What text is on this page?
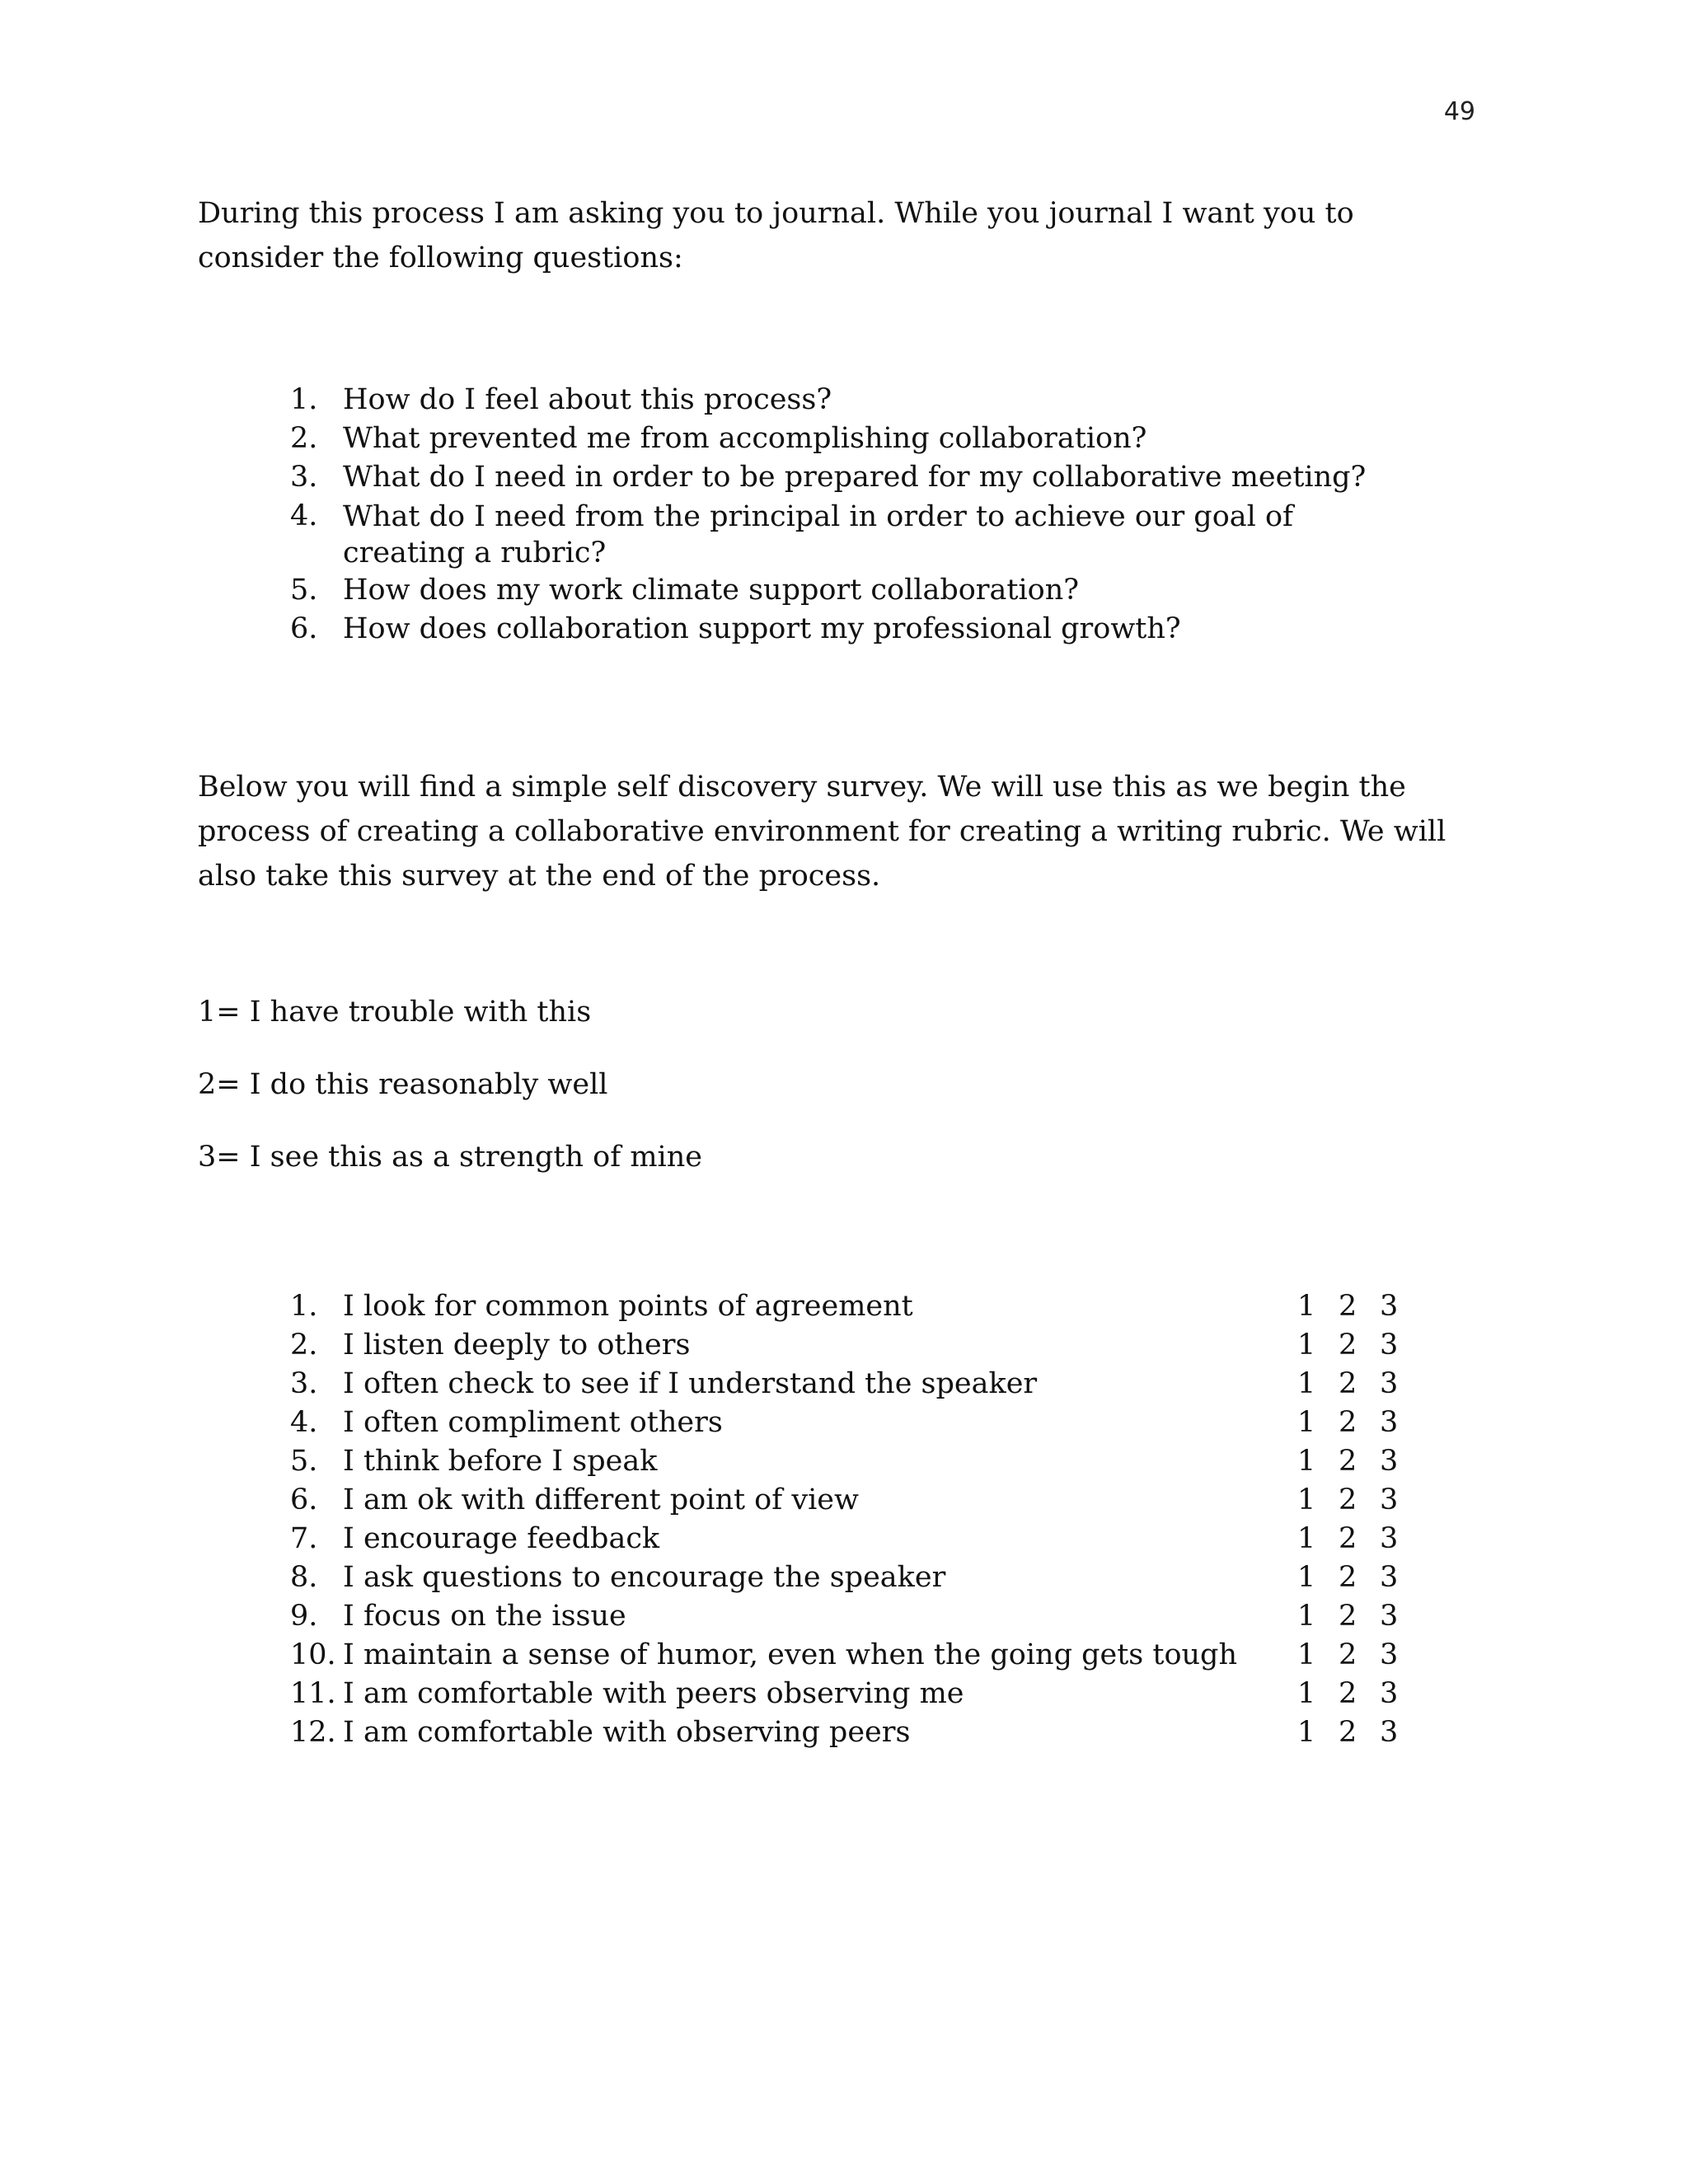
49

During this process I am asking you to journal. While you journal I want you to consider the following questions:

1. How do I feel about this process?
2. What prevented me from accomplishing collaboration?
3. What do I need in order to be prepared for my collaborative meeting?
4. What do I need from the principal in order to achieve our goal of creating a rubric?
5. How does my work climate support collaboration?
6. How does collaboration support my professional growth?

Below you will find a simple self discovery survey. We will use this as we begin the process of creating a collaborative environment for creating a writing rubric. We will also take this survey at the end of the process.

1= I have trouble with this

2= I do this reasonably well

3= I see this as a strength of mine

1. I look for common points of agreement	1 2 3
2. I listen deeply to others	1 2 3
3. I often check to see if I understand the speaker	1 2 3
4. I often compliment others	1 2 3
5. I think before I speak	1 2 3
6. I am ok with different point of view	1 2 3
7. I encourage feedback	1 2 3
8. I ask questions to encourage the speaker	1 2 3
9. I focus on the issue	1 2 3
10. I maintain a sense of humor, even when the going gets tough 1 2 3
11. I am comfortable with peers observing me	1 2 3
12. I am comfortable with observing peers	1 2 3
